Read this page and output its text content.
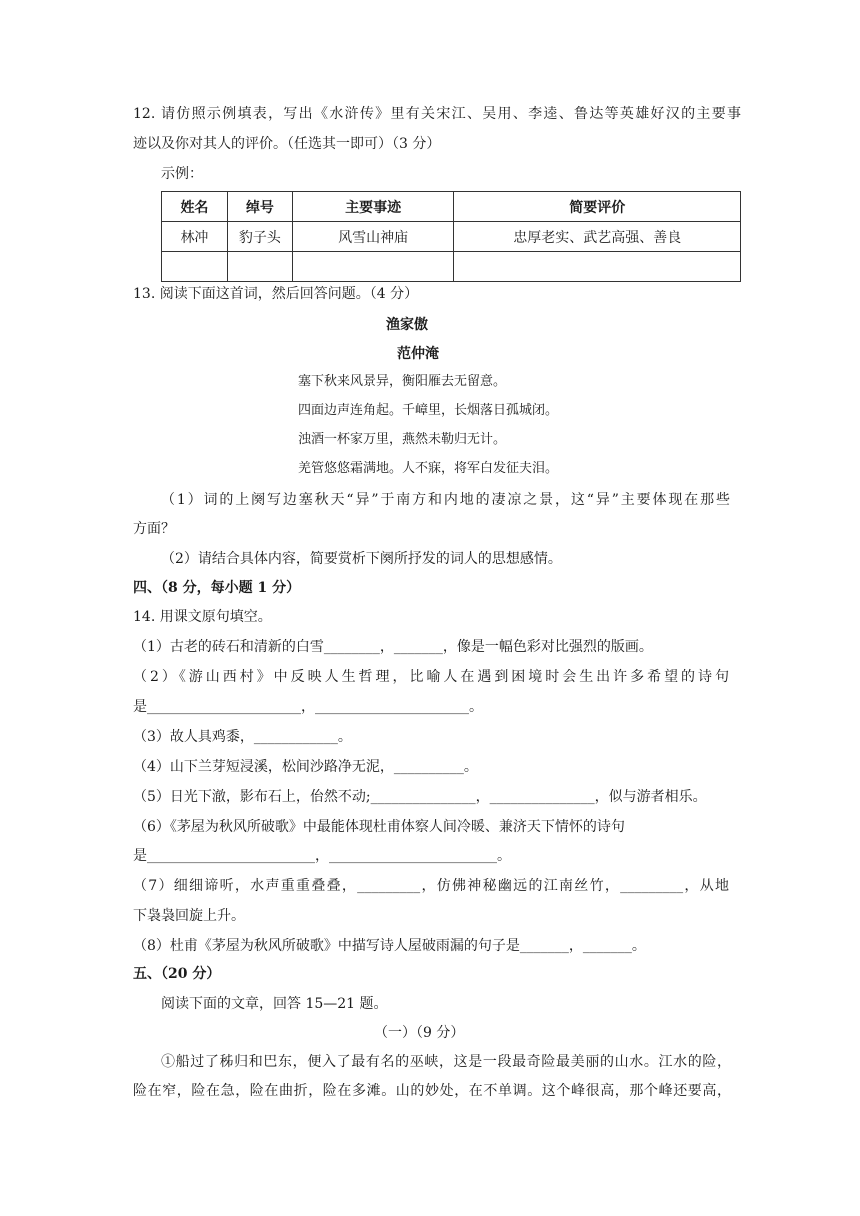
12. 请仿照示例填表，写出《水浒传》里有关宋江、吴用、李逵、鲁达等英雄好汉的主要事
迹以及你对其人的评价。（任选其一即可）（3 分）
示例：
姓名	绰号	主要事迹	简要评价
林冲	豹子头	风雪山神庙	忠厚老实、武艺高强、善良

13. 阅读下面这首词，然后回答问题。（4 分）
渔家傲
范仲淹
塞下秋来风景异，衡阳雁去无留意。
四面边声连角起。千嶂里，长烟落日孤城闭。
浊酒一杯家万里，燕然未勒归无计。
羌管悠悠霜满地。人不寐，将军白发征夫泪。
（1）词的上阕写边塞秋天“异”于南方和内地的凄凉之景，这“异”主要体现在那些
方面？
（2）请结合具体内容，简要赏析下阕所抒发的词人的思想感情。
四、（8 分，每小题 1 分）
14. 用课文原句填空。
（1）古老的砖石和清新的白雪________，_______，像是一幅色彩对比强烈的版画。
（2）《游山西村》中反映人生哲理，比喻人在遇到困境时会生出许多希望的诗句
是______________________，______________________。
（3）故人具鸡黍，____________。
（4）山下兰芽短浸溪，松间沙路净无泥，__________。
（5）日光下澈，影布石上，佁然不动;_______________，_______________，似与游者相乐。
（6）《茅屋为秋风所破歌》中最能体现杜甫体察人间冷暖、兼济天下情怀的诗句
是________________________，________________________。
（7）细细谛听，水声重重叠叠，_________，仿佛神秘幽远的江南丝竹，_________，从地
下袅袅回旋上升。
（8）杜甫《茅屋为秋风所破歌》中描写诗人屋破雨漏的句子是_______，_______。
五、（20 分）
阅读下面的文章，回答 15—21 题。
（一）（9 分）
①船过了秭归和巴东，便入了最有名的巫峡，这是一段最奇险最美丽的山水。江水的险，
险在窄，险在急，险在曲折，险在多滩。山的妙处，在不单调。这个峰很高，那个峰还要高，
